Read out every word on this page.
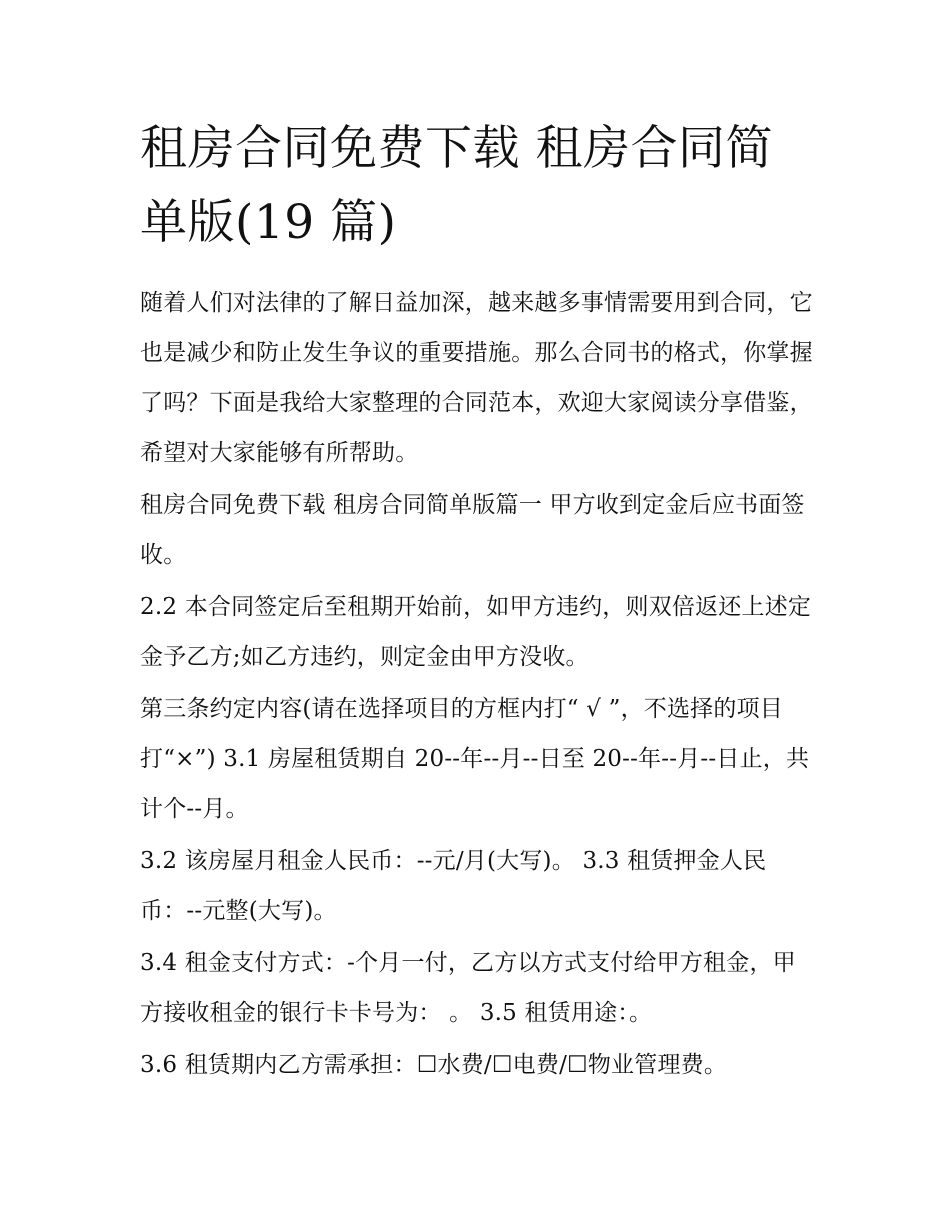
租房合同免费下载 租房合同简单版(19 篇)

随着人们对法律的了解日益加深，越来越多事情需要用到合同，它也是减少和防止发生争议的重要措施。那么合同书的格式，你掌握了吗？下面是我给大家整理的合同范本，欢迎大家阅读分享借鉴，希望对大家能够有所帮助。

租房合同免费下载 租房合同简单版篇一 甲方收到定金后应书面签收。

2.2 本合同签定后至租期开始前，如甲方违约，则双倍返还上述定金予乙方;如乙方违约，则定金由甲方没收。

第三条约定内容(请在选择项目的方框内打“ √ ”，不选择的项目打“×”) 3.1 房屋租赁期自 20--年--月--日至 20--年--月--日止，共计个--月。

3.2 该房屋月租金人民币：--元/月(大写)。 3.3 租赁押金人民币：--元整(大写)。

3.4 租金支付方式：-个月一付，乙方以方式支付给甲方租金，甲方接收租金的银行卡卡号为： 。 3.5 租赁用途：。

3.6 租赁期内乙方需承担：☐水费/☐电费/☐物业管理费。
